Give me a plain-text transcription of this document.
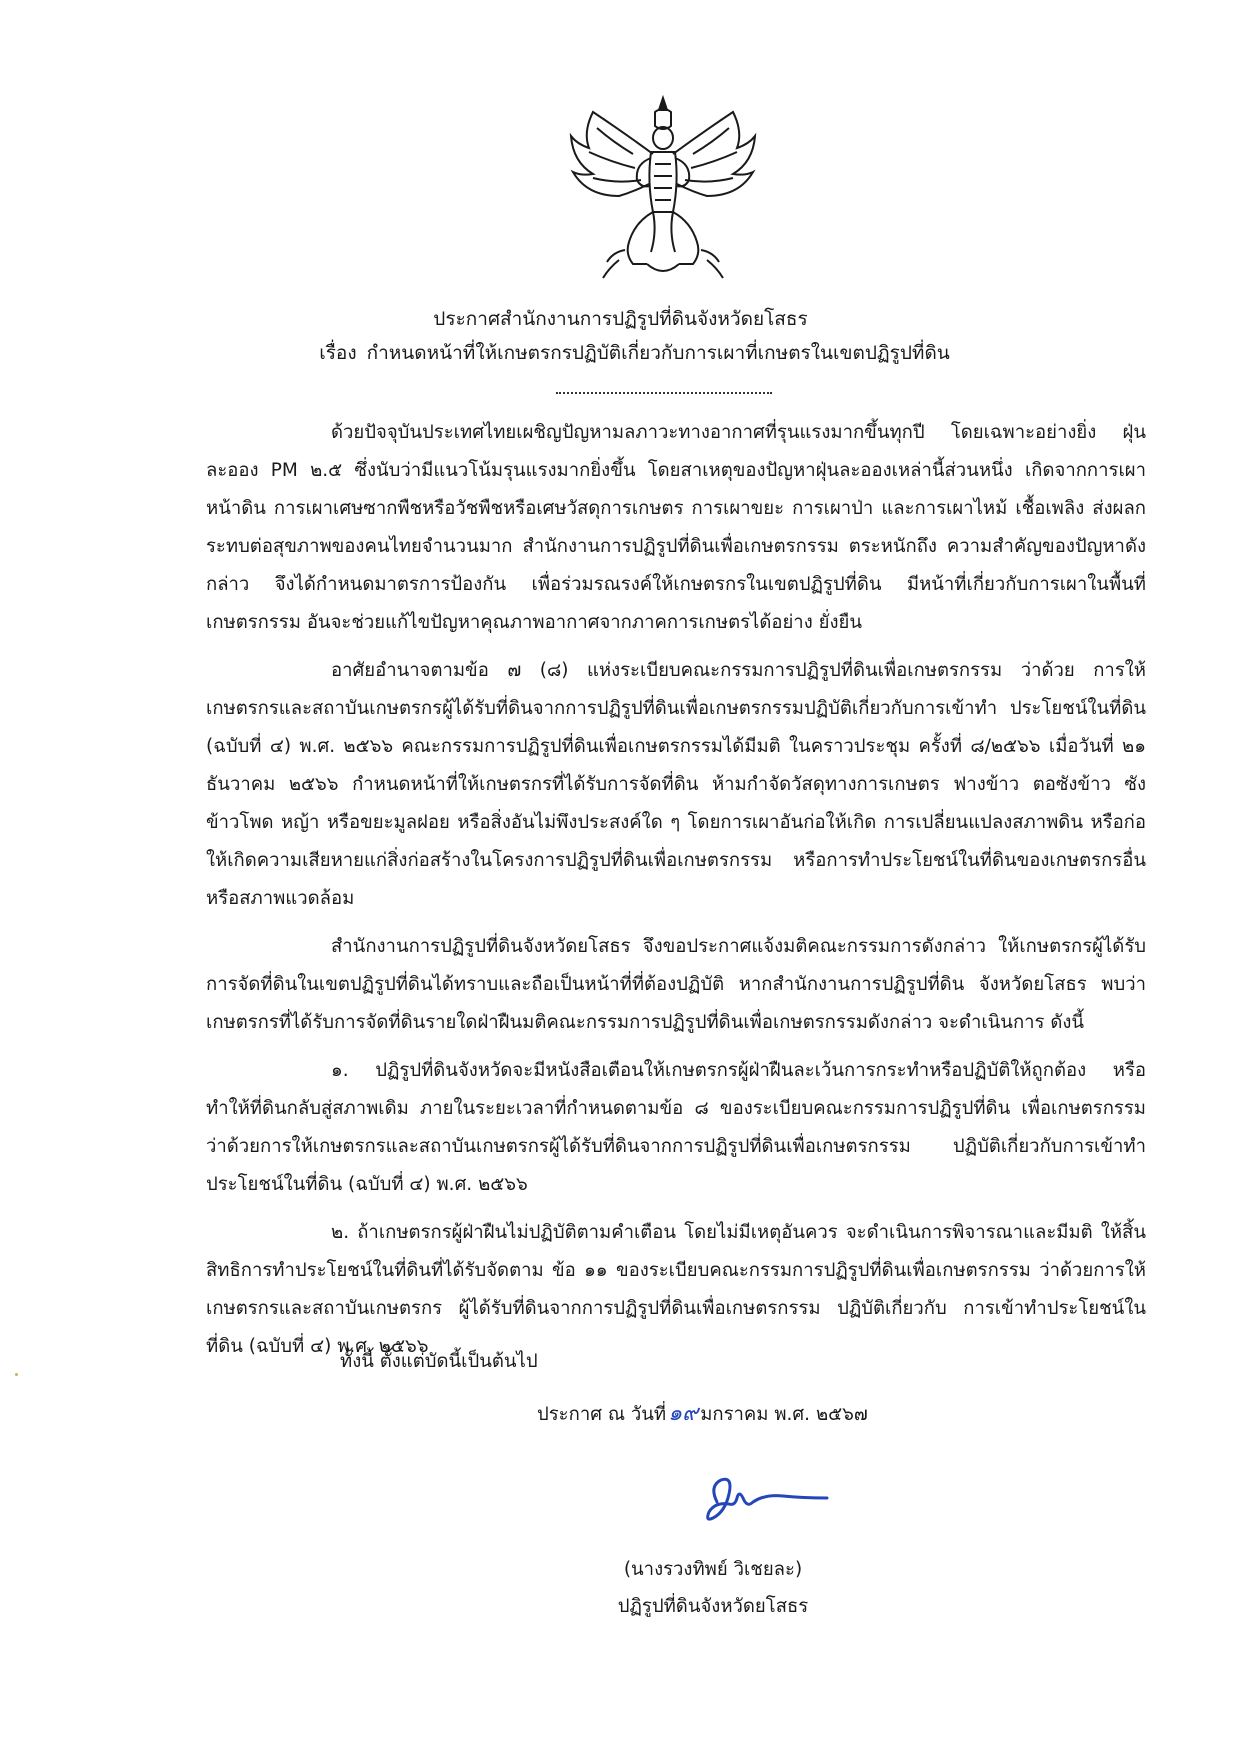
ประกาศสำนักงานการปฏิรูปที่ดินจังหวัดยโสธร
เรื่อง กำหนดหน้าที่ให้เกษตรกรปฏิบัติเกี่ยวกับการเผาที่เกษตรในเขตปฏิรูปที่ดิน

ด้วยปัจจุบันประเทศไทยเผชิญปัญหามลภาวะทางอากาศที่รุนแรงมากขึ้นทุกปี โดยเฉพาะอย่างยิ่ง ฝุ่นละออง PM ๒.๕ ซึ่งนับว่ามีแนวโน้มรุนแรงมากยิ่งขึ้น โดยสาเหตุของปัญหาฝุ่นละอองเหล่านี้ส่วนหนึ่ง เกิดจากการเผาหน้าดิน การเผาเศษซากพืชหรือวัชพืชหรือเศษวัสดุการเกษตร การเผาขยะ การเผาป่า และการเผาไหม้ เชื้อเพลิง ส่งผลกระทบต่อสุขภาพของคนไทยจำนวนมาก สำนักงานการปฏิรูปที่ดินเพื่อเกษตรกรรม ตระหนักถึง ความสำคัญของปัญหาดังกล่าว จึงได้กำหนดมาตรการป้องกัน เพื่อร่วมรณรงค์ให้เกษตรกรในเขตปฏิรูปที่ดิน มีหน้าที่เกี่ยวกับการเผาในพื้นที่เกษตรกรรม อันจะช่วยแก้ไขปัญหาคุณภาพอากาศจากภาคการเกษตรได้อย่าง ยั่งยืน

อาศัยอำนาจตามข้อ ๗ (๘) แห่งระเบียบคณะกรรมการปฏิรูปที่ดินเพื่อเกษตรกรรม ว่าด้วย การให้ เกษตรกรและสถาบันเกษตรกรผู้ได้รับที่ดินจากการปฏิรูปที่ดินเพื่อเกษตรกรรมปฏิบัติเกี่ยวกับการเข้าทำ ประโยชน์ในที่ดิน (ฉบับที่ ๔) พ.ศ. ๒๕๖๖ คณะกรรมการปฏิรูปที่ดินเพื่อเกษตรกรรมได้มีมติ ในคราวประชุม ครั้งที่ ๘/๒๕๖๖ เมื่อวันที่ ๒๑ ธันวาคม ๒๕๖๖ กำหนดหน้าที่ให้เกษตรกรที่ได้รับการจัดที่ดิน ห้ามกำจัดวัสดุทางการเกษตร ฟางข้าว ตอซังข้าว ซังข้าวโพด หญ้า หรือขยะมูลฝอย หรือสิ่งอันไม่พึงประสงค์ใด ๆ โดยการเผาอันก่อให้เกิด การเปลี่ยนแปลงสภาพดิน หรือก่อให้เกิดความเสียหายแก่สิ่งก่อสร้างในโครงการปฏิรูปที่ดินเพื่อเกษตรกรรม หรือการทำประโยชน์ในที่ดินของเกษตรกรอื่น หรือสภาพแวดล้อม

สำนักงานการปฏิรูปที่ดินจังหวัดยโสธร จึงขอประกาศแจ้งมติคณะกรรมการดังกล่าว ให้เกษตรกรผู้ได้รับการจัดที่ดินในเขตปฏิรูปที่ดินได้ทราบและถือเป็นหน้าที่ที่ต้องปฏิบัติ หากสำนักงานการปฏิรูปที่ดิน จังหวัดยโสธร พบว่าเกษตรกรที่ได้รับการจัดที่ดินรายใดฝ่าฝืนมติคณะกรรมการปฏิรูปที่ดินเพื่อเกษตรกรรมดังกล่าว จะดำเนินการ ดังนี้

๑. ปฏิรูปที่ดินจังหวัดจะมีหนังสือเตือนให้เกษตรกรผู้ฝ่าฝืนละเว้นการกระทำหรือปฏิบัติให้ถูกต้อง หรือทำให้ที่ดินกลับสู่สภาพเดิม ภายในระยะเวลาที่กำหนดตามข้อ ๘ ของระเบียบคณะกรรมการปฏิรูปที่ดิน เพื่อเกษตรกรรม ว่าด้วยการให้เกษตรกรและสถาบันเกษตรกรผู้ได้รับที่ดินจากการปฏิรูปที่ดินเพื่อเกษตรกรรม ปฏิบัติเกี่ยวกับการเข้าทำประโยชน์ในที่ดิน (ฉบับที่ ๔) พ.ศ. ๒๕๖๖

๒. ถ้าเกษตรกรผู้ฝ่าฝืนไม่ปฏิบัติตามคำเตือน โดยไม่มีเหตุอันควร จะดำเนินการพิจารณาและมีมติ ให้สิ้นสิทธิการทำประโยชน์ในที่ดินที่ได้รับจัดตาม ข้อ ๑๑ ของระเบียบคณะกรรมการปฏิรูปที่ดินเพื่อเกษตรกรรม ว่าด้วยการให้เกษตรกรและสถาบันเกษตรกร ผู้ได้รับที่ดินจากการปฏิรูปที่ดินเพื่อเกษตรกรรม ปฏิบัติเกี่ยวกับ การเข้าทำประโยชน์ในที่ดิน (ฉบับที่ ๔) พ.ศ. ๒๕๖๖

ทั้งนี้ ตั้งแต่บัดนี้เป็นต้นไป
ประกาศ ณ วันที่๑๙ มกราคม พ.ศ. ๒๕๖๗
(นางรวงทิพย์ วิเชยละ)
ปฏิรูปที่ดินจังหวัดยโสธร
